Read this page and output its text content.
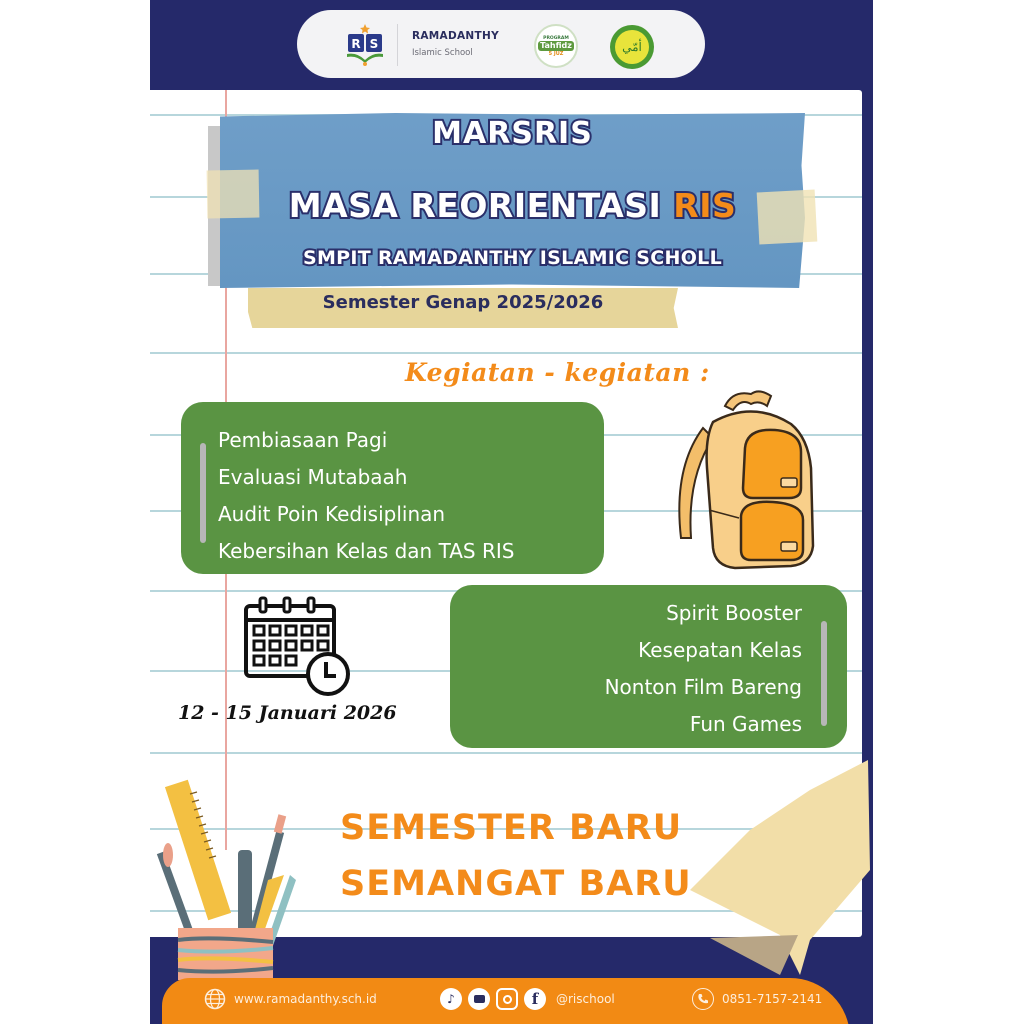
R S
RAMADANTHY
Islamic School
PROGRAM
Tahfidz
5 JUZ	أمّي
MARSRIS
MASA REORIENTASI RIS
SMPIT RAMADANTHY ISLAMIC SCHOLL
Semester Genap 2025/2026
Kegiatan - kegiatan :
Pembiasaan Pagi
Evaluasi Mutabaah
Audit Poin Kedisiplinan
Kebersihan Kelas dan TAS RIS
Spirit Booster
Kesepatan Kelas
Nonton Film Bareng
Fun Games
12 - 15 Januari 2026
SEMESTER BARU
SEMANGAT BARU
www.ramadanthy.sch.id	♪	f	@rischool	0851-7157-2141
